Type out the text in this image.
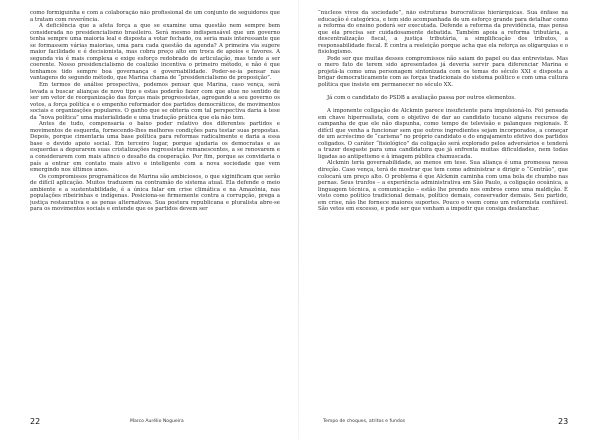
como formiguinha e com a colaboração não profissional de um conjunto de seguidores que a tratam com reverência.

A deficiência que a afeta força a que se examine uma questão nem sempre bem considerada no presidencialismo brasileiro. Será mesmo indispensável que um governo tenha sempre uma maioria leal e disposta a votar fechado, ou seria mais interessante que se formassem várias maiorias, uma para cada questão da agenda? A primeira via sugere maior facilidade e é decisionista, mas cobra preço alto em troca de apoios e favores. A segunda via é mais complexa e exige esforço redobrado de articulação, mas tende a ser coerente. Nosso presidencialismo de coalizão incentiva o primeiro método, e não é que tenhamos tido sempre boa governança e governabilidade. Poder-se-ia pensar nas vantagens do segundo método, que Marina chama de “presidencialismo de proposição”.

Em termos de análise prospectiva, podemos pensar que Marina, caso vença, será levada a buscar alianças de novo tipo e estas poderão fazer com que atue no sentido de ser um vetor de reorganização das forças mais progressistas, agregando a seu governo os votos, a força política e o empenho reformador dos partidos democráticos, de movimentos sociais e organizações populares. O ganho que se obteria com tal perspectiva daria à tese da “nova política” uma materialidade e uma tradução prática que ela não tem.

Antes de tudo, compensaria o baixo poder relativo dos diferentes partidos e movimentos de esquerda, fornecendo-lhes melhores condições para testar suas propostas. Depois, porque cimentaria uma base política para reformas radicalmente e daria a essa base o devido apoio social. Em terceiro lugar, porque ajudaria os democratas e as esquerdas a depurarem suas cristalizações regressistas remanescentes, a se renovarem e a considerarem com mais afinco o desafio da cooperação. Por fim, porque as convidaria o país a entrar em contato mais ativo e inteligente com a nova sociedade que vem emergindo nos últimos anos.

Os compromissos programáticos de Marina são ambiciosos, o que siginificam que serão de difícil aplicação. Muitos traduzem na contramão do sistema atual. Ela defende o meio ambiente e a sustentabilidade, é a única falar em crise climática e na Amazônia, nas populações ribeirinhas e indígenas. Posiciona-se firmemente contra a corrupção, prega a justiça restaurativa e as penas alternativas. Sua postura republicana e pluralista abre-se para os movimentos sociais e entende que os partidos devem ser

“núcleos vivos da sociedade”, não estruturas burocráticas hierárquicas. Sua ênfase na educação é categórica, e tem sido acompanhada de um esforço grande para detalhar como a reforma do ensino poderá ser executada. Defende a reforma da previdência, mas pensa que ela precisa ser cuidadosamente debatida. Também apoia a reforma tributária, a descentralização fiscal, a justiça tributária, a simplificação dos tributos, a responsabilidade fiscal. É contra a reeleição porque acha que ela reforça as oligarquias e o fisiologismo.

Pode ser que muitas desses compromissos não saiam do papel ou das entrevistas. Mas o mero fato de terem sido apresentados já deveria servir para diferenciar Marina e projetá-la como uma personagem sintonizada com os temas do século XXI e disposta a brigar democraticamente com as forças tradicionais do sistema político e com uma cultura política que insiste em permanecer no século XX.

Já com o candidato do PSDB a avaliação passa por outros elementos.

A imponente coligação de Alckmin parece insuficiente para impulsioná-lo. Foi pensada em chave hiperrealista, com o objetivo de dar ao candidato tucano alguns recursos de campanha de que ele não dispunha, como tempo de televisão e palanques regionais. É difícil que venha a funcionar sem que outros ingredientes sejam incorporados, a começar de um acréscimo de “carisma” no próprio candidato e do engajamento efetivo dos partidos coligados. O caráter “fisiológico” da coligação será explorado pelos adversários e tenderá a trazer desgaste para uma candidatura que já enfrenta muitas dificuldades, nem todas ligadas ao antipetismo e à imagem pública chamuscada.

Alckmin teria governabilidade, ao menos em tese. Sua aliança é uma promessa nessa direção. Caso vença, terá de mostrar que tem como administrar e dirigir o “Centrão”, que colocará um preço alto. O problema é que Alckmin caminha com uma bola de chumbo nas pernas. Seus trunfos – a experiência administrativa em São Paulo, a coligação oceânica, a linguagem técnica, a comunicação – estão lhe prendo nos ombros como uma maldição. É visto como político tradicional demais, político demais, conservador demais. Seu partido, em crise, não lhe fornece maiores suportes. Pouco o veem como um reformista confiável. São vetos em excesso, e pode ser que venham a impedir que consiga deslanchar.

22	Marco Aurélio Nogueira	Tempo de choques, atritos e fundos	23
